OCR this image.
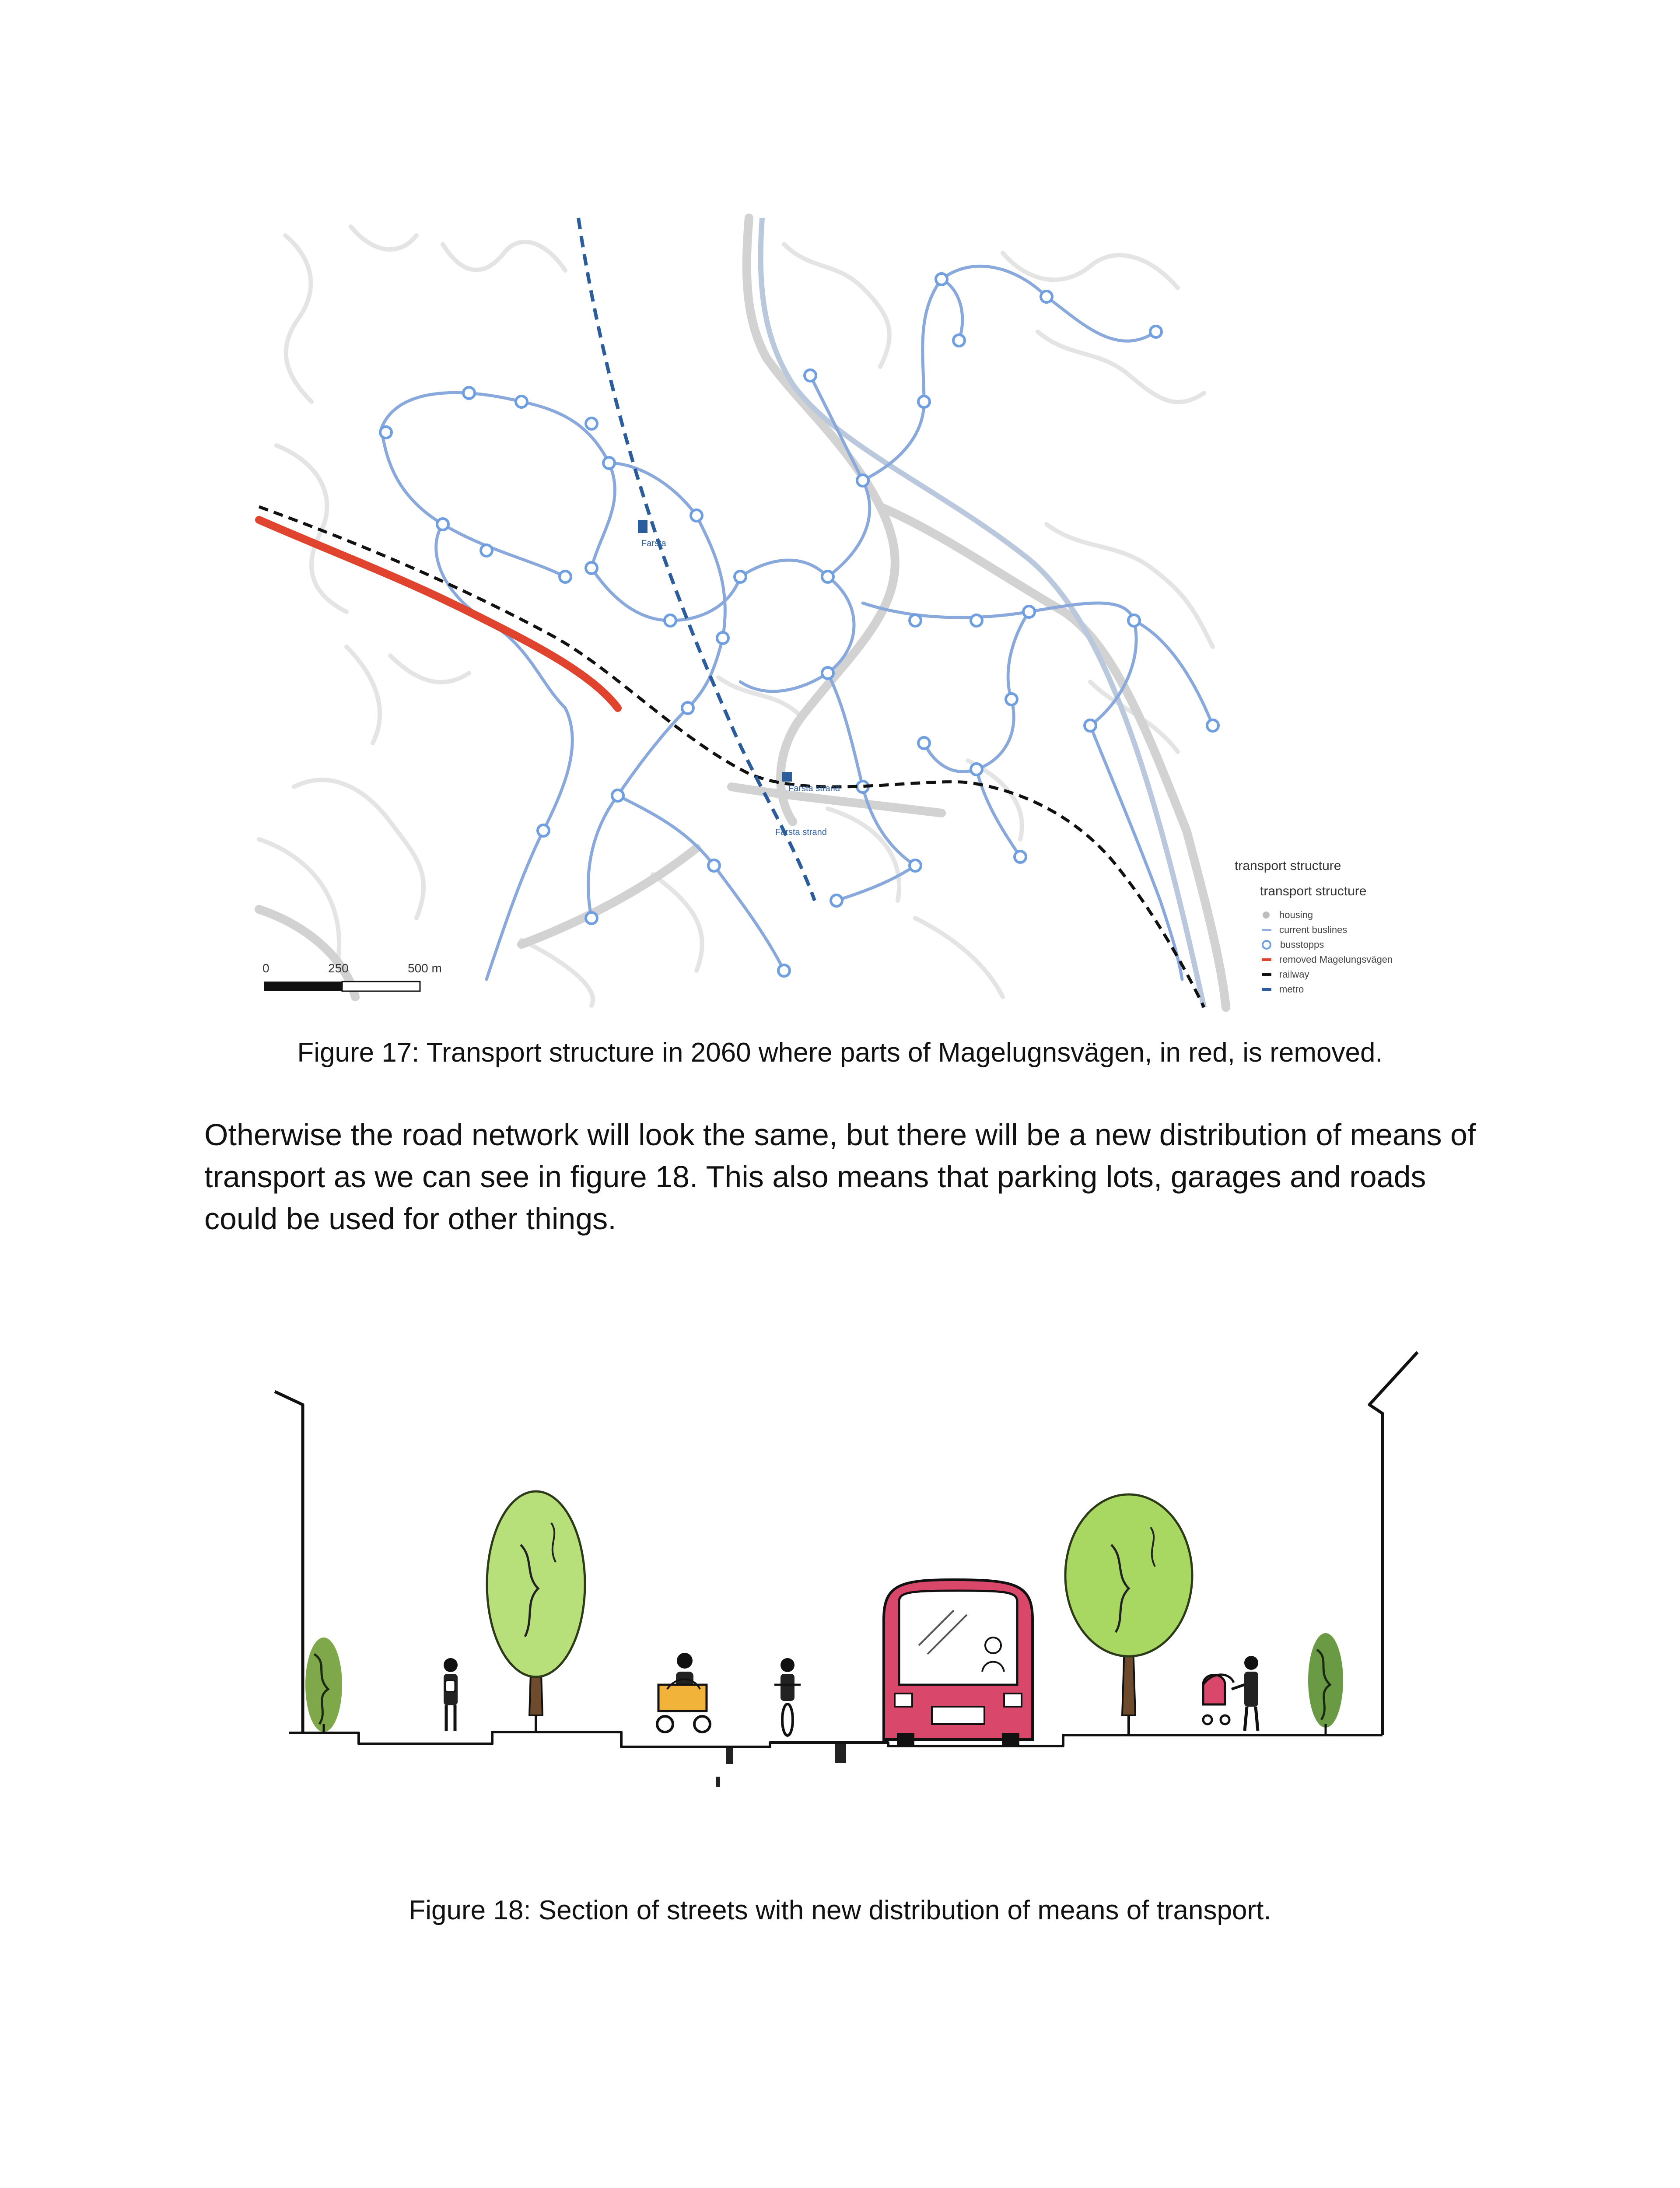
Farsta
Farsta strand
Farsta strand
0	250	500 m
transport structure
transport structure
housing
current buslines
busstopps
removed Magelungsvägen
railway
metro
Figure 17: Transport structure in 2060 where parts of Magelugnsvägen, in red, is removed.
Otherwise the road network will look the same, but there will be a new distribution of means of transport as we can see in figure 18. This also means that parking lots, garages and roads could be used for other things.
Figure 18: Section of streets with new distribution of means of transport.
